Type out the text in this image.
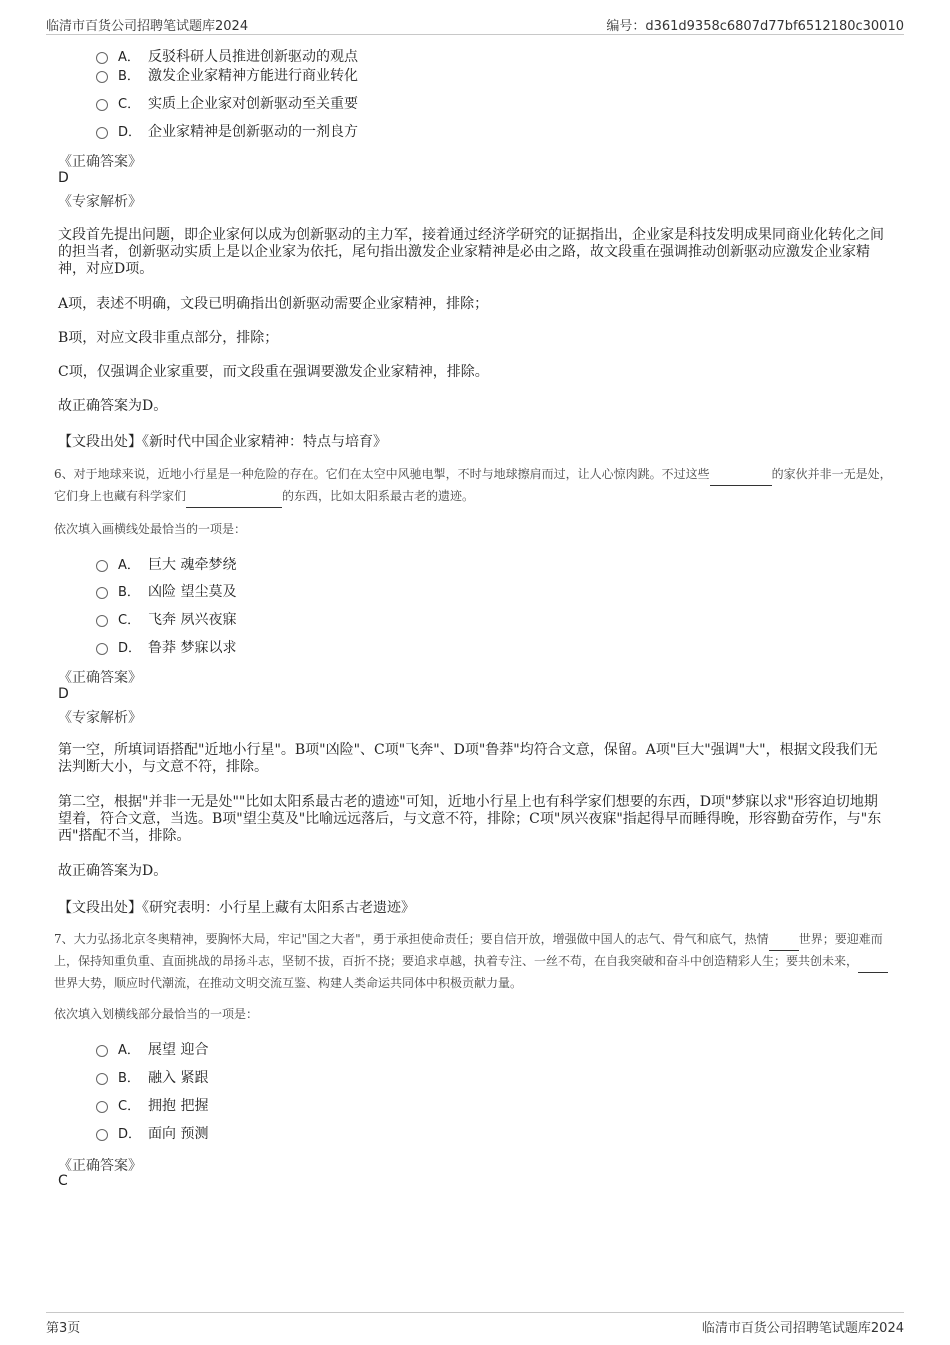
临清市百货公司招聘笔试题库2024	编号：d361d9358c6807d77bf6512180c30010
A． 反驳科研人员推进创新驱动的观点
B． 激发企业家精神方能进行商业转化
C． 实质上企业家对创新驱动至关重要
D． 企业家精神是创新驱动的一剂良方
《正确答案》
D
《专家解析》
文段首先提出问题，即企业家何以成为创新驱动的主力军，接着通过经济学研究的证据指出，企业家是科技发明成果同商业化转化之间的担当者，创新驱动实质上是以企业家为依托，尾句指出激发企业家精神是必由之路，故文段重在强调推动创新驱动应激发企业家精神，对应D项。
A项，表述不明确，文段已明确指出创新驱动需要企业家精神，排除；
B项，对应文段非重点部分，排除；
C项，仅强调企业家重要，而文段重在强调要激发企业家精神，排除。
故正确答案为D。
【文段出处】《新时代中国企业家精神：特点与培育》
6、对于地球来说，近地小行星是一种危险的存在。它们在太空中风驰电掣，不时与地球擦肩而过，让人心惊肉跳。不过这些	的家伙并非一无是处，它们身上也藏有科学家们	的东西，比如太阳系最古老的遗迹。
依次填入画横线处最恰当的一项是：
A． 巨大 魂牵梦绕
B． 凶险 望尘莫及
C． 飞奔 夙兴夜寐
D． 鲁莽 梦寐以求
《正确答案》
D
《专家解析》
第一空，所填词语搭配"近地小行星"。B项"凶险"、C项"飞奔"、D项"鲁莽"均符合文意，保留。A项"巨大"强调"大"，根据文段我们无法判断大小，与文意不符，排除。
第二空，根据"并非一无是处""比如太阳系最古老的遗迹"可知，近地小行星上也有科学家们想要的东西，D项"梦寐以求"形容迫切地期望着，符合文意，当选。B项"望尘莫及"比喻远远落后，与文意不符，排除；C项"夙兴夜寐"指起得早而睡得晚，形容勤奋劳作，与"东西"搭配不当，排除。
故正确答案为D。
【文段出处】《研究表明：小行星上藏有太阳系古老遗迹》
7、大力弘扬北京冬奥精神，要胸怀大局，牢记"国之大者"，勇于承担使命责任；要自信开放，增强做中国人的志气、骨气和底气，热情	世界；要迎难而上，保持知重负重、直面挑战的昂扬斗志，坚韧不拔，百折不挠；要追求卓越，执着专注、一丝不苟，在自我突破和奋斗中创造精彩人生；要共创未来， 世界大势，顺应时代潮流，在推动文明交流互鉴、构建人类命运共同体中积极贡献力量。
依次填入划横线部分最恰当的一项是：
A． 展望 迎合
B． 融入 紧跟
C． 拥抱 把握
D． 面向 预测
《正确答案》
C
第3页	临清市百货公司招聘笔试题库2024
